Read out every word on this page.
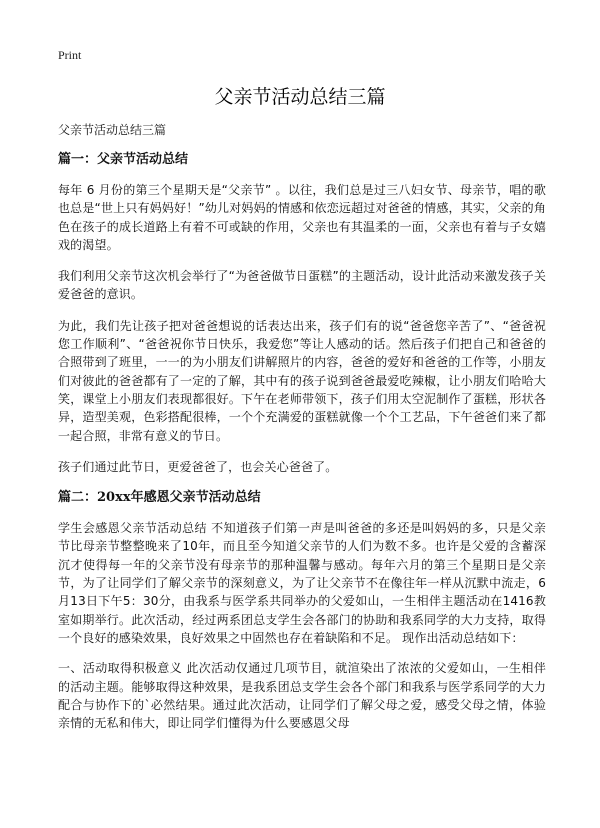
Print
父亲节活动总结三篇

父亲节活动总结三篇

篇一：父亲节活动总结

每年 6 月份的第三个星期天是“父亲节” 。以往，我们总是过三八妇女节、母亲节，唱的歌也总是“世上只有妈妈好！”幼儿对妈妈的情感和依恋远超过对爸爸的情感，其实，父亲的角色在孩子的成长道路上有着不可或缺的作用，父亲也有其温柔的一面，父亲也有着与子女嬉戏的渴望。

我们利用父亲节这次机会举行了“为爸爸做节日蛋糕”的主题活动，设计此活动来激发孩子关爱爸爸的意识。

为此，我们先让孩子把对爸爸想说的话表达出来，孩子们有的说“爸爸您辛苦了”、“爸爸祝您工作顺利”、“爸爸祝你节日快乐，我爱您”等让人感动的话。然后孩子们把自己和爸爸的合照带到了班里，一一的为小朋友们讲解照片的内容，爸爸的爱好和爸爸的工作等，小朋友们对彼此的爸爸都有了一定的了解，其中有的孩子说到爸爸最爱吃辣椒，让小朋友们哈哈大笑，课堂上小朋友们表现都很好。下午在老师带领下，孩子们用太空泥制作了蛋糕，形状各异，造型美观，色彩搭配很棒，一个个充满爱的蛋糕就像一个个工艺品，下午爸爸们来了都一起合照，非常有意义的节日。

孩子们通过此节日，更爱爸爸了，也会关心爸爸了。

篇二：20xx年感恩父亲节活动总结

学生会感恩父亲节活动总结 不知道孩子们第一声是叫爸爸的多还是叫妈妈的多，只是父亲节比母亲节整整晚来了10年，而且至今知道父亲节的人们为数不多。也许是父爱的含蓄深沉才使得每一年的父亲节没有母亲节的那种温馨与感动。每年六月的第三个星期日是父亲节，为了让同学们了解父亲节的深刻意义，为了让父亲节不在像往年一样从沉默中流走，6月13日下午5：30分，由我系与医学系共同举办的父爱如山，一生相伴主题活动在1416教室如期举行。此次活动，经过两系团总支学生会各部门的协助和我系同学的大力支持，取得一个良好的感染效果，良好效果之中固然也存在着缺陷和不足。 现作出活动总结如下：

一、活动取得积极意义 此次活动仅通过几项节目，就渲染出了浓浓的父爱如山，一生相伴的活动主题。能够取得这种效果，是我系团总支学生会各个部门和我系与医学系同学的大力配合与协作下的`必然结果。通过此次活动，让同学们了解父母之爱，感受父母之情，体验亲情的无私和伟大，即让同学们懂得为什么要感恩父母
